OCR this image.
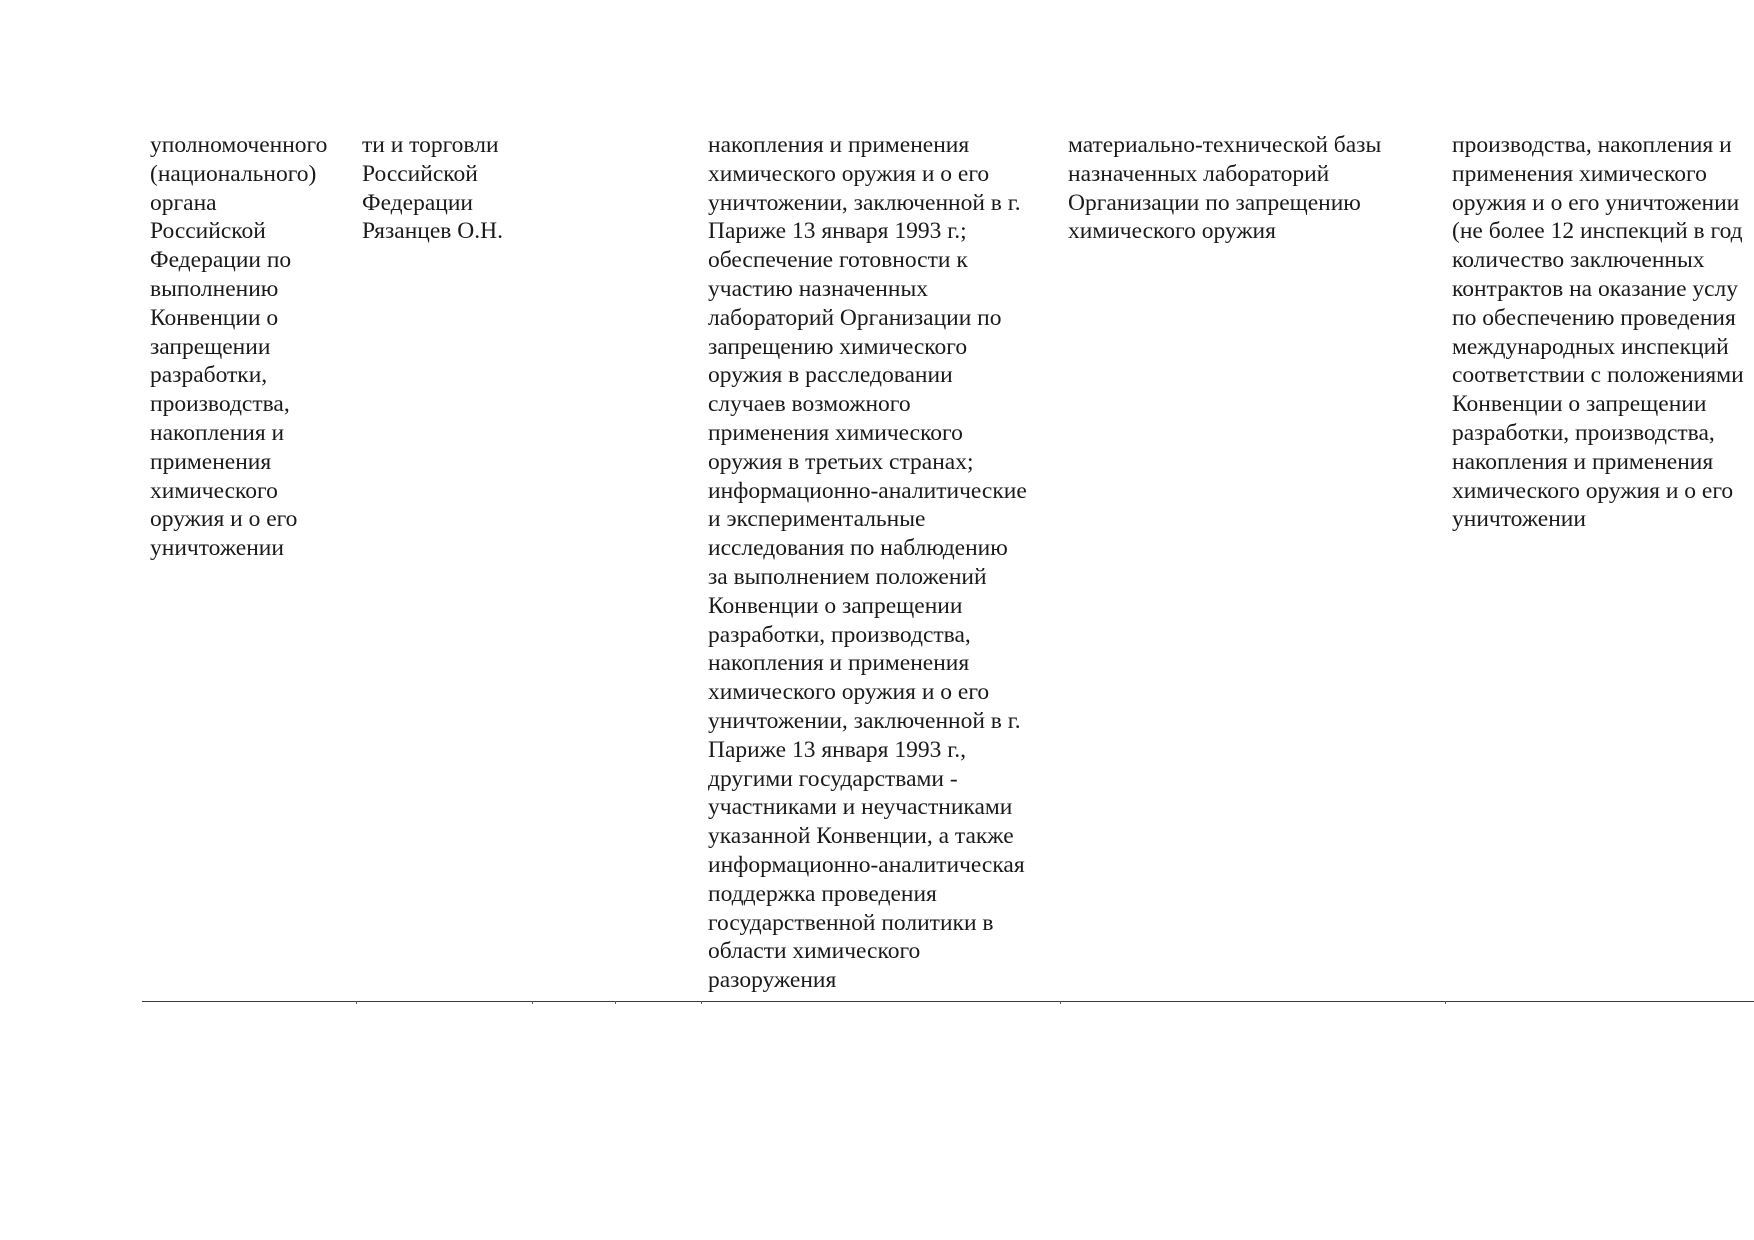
уполномоченного
(национального)
органа
Российской
Федерации по
выполнению
Конвенции о
запрещении
разработки,
производства,
накопления и
применения
химического
оружия и о его
уничтожении

ти и торговли
Российской
Федерации
Рязанцев О.Н.

накопления и применения
химического оружия и о его
уничтожении, заключенной в г.
Париже 13 января 1993 г.;
обеспечение готовности к
участию назначенных
лабораторий Организации по
запрещению химического
оружия в расследовании
случаев возможного
применения химического
оружия в третьих странах;
информационно-аналитические
и экспериментальные
исследования по наблюдению
за выполнением положений
Конвенции о запрещении
разработки, производства,
накопления и применения
химического оружия и о его
уничтожении, заключенной в г.
Париже 13 января 1993 г.,
другими государствами -
участниками и неучастниками
указанной Конвенции, а также
информационно-аналитическая
поддержка проведения
государственной политики в
области химического
разоружения

материально-технической базы
назначенных лабораторий
Организации по запрещению
химического оружия

производства, накопления и
применения химического
оружия и о его уничтожении
(не более 12 инспекций в год
количество заключенных
контрактов на оказание услу
по обеспечению проведения
международных инспекций
соответствии с положениями
Конвенции о запрещении
разработки, производства,
накопления и применения
химического оружия и о его
уничтожении
